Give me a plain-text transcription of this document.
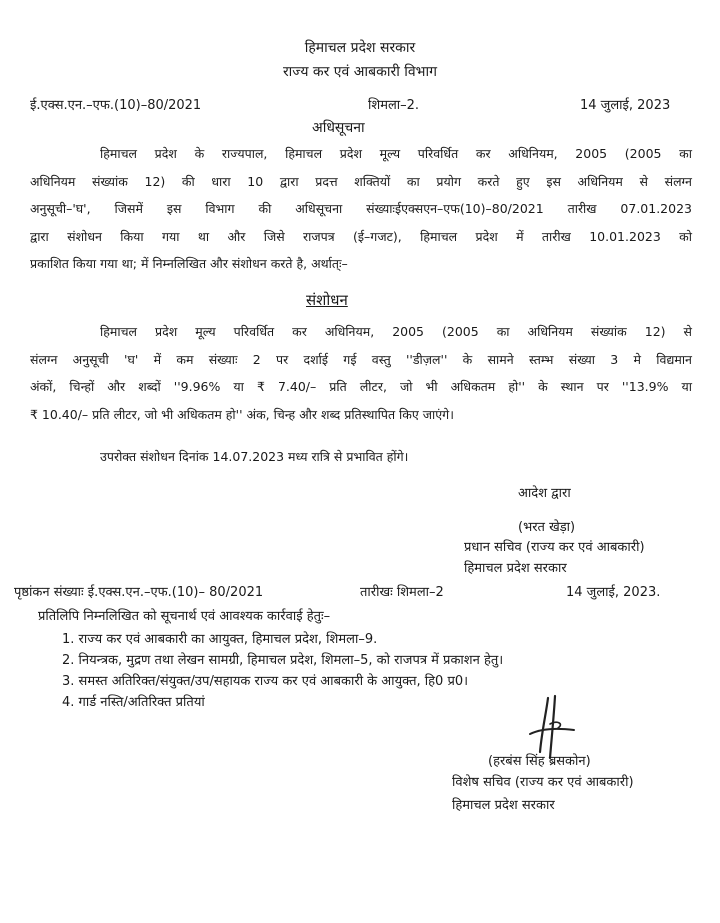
हिमाचल प्रदेश सरकार
राज्य कर एवं आबकारी विभाग
ई.एक्स.एन.–एफ.(10)–80/2021	शिमला–2.	14 जुलाई, 2023
अधिसूचना
हिमाचल प्रदेश के राज्यपाल, हिमाचल प्रदेश मूल्य परिवर्धित कर अधिनियम, 2005 (2005 का
अधिनियम संख्यांक 12) की धारा 10 द्वारा प्रदत्त शक्तियों का प्रयोग करते हुए इस अधिनियम से संलग्न
अनुसूची–'घ', जिसमें इस विभाग की अधिसूचना संख्याःईएक्सएन–एफ(10)–80/2021 तारीख 07.01.2023
द्वारा संशोधन किया गया था और जिसे राजपत्र (ई–गजट), हिमाचल प्रदेश में तारीख 10.01.2023 को
प्रकाशित किया गया था; में निम्नलिखित और संशोधन करते है, अर्थात्ः–
संशोधन
हिमाचल प्रदेश मूल्य परिवर्धित कर अधिनियम, 2005 (2005 का अधिनियम संख्यांक 12) से
संलग्न अनुसूची 'घ' में कम संख्याः 2 पर दर्शाई गई वस्तु ''डीज़ल'' के सामने स्तम्भ संख्या 3 मे विद्यमान
अंकों, चिन्हों और शब्दों ''9.96% या ₹ 7.40/– प्रति लीटर, जो भी अधिकतम हो'' के स्थान पर ''13.9% या
₹ 10.40/– प्रति लीटर, जो भी अधिकतम हो'' अंक, चिन्ह और शब्द प्रतिस्थापित किए जाएंगे।
उपरोक्त संशोधन दिनांक 14.07.2023 मध्य रात्रि से प्रभावित होंगे।
आदेश द्वारा
(भरत खेड़ा)
प्रधान सचिव (राज्य कर एवं आबकारी)
हिमाचल प्रदेश सरकार
पृष्ठांकन संख्याः ई.एक्स.एन.–एफ.(10)– 80/2021	तारीखः शिमला–2	14 जुलाई, 2023.
प्रतिलिपि निम्नलिखित को सूचनार्थ एवं आवश्यक कार्रवाई हेतुः–
1. राज्य कर एवं आबकारी का आयुक्त, हिमाचल प्रदेश, शिमला–9.
2. नियन्त्रक, मुद्रण तथा लेखन सामग्री, हिमाचल प्रदेश, शिमला–5, को राजपत्र में प्रकाशन हेतु।
3. समस्त अतिरिक्त/संयुक्त/उप/सहायक राज्य कर एवं आबकारी के आयुक्त, हि0 प्र0।
4. गार्ड नस्ति/अतिरिक्त प्रतियां
(हरबंस सिंह ब्रसकोन)
विशेष सचिव (राज्य कर एवं आबकारी)
हिमाचल प्रदेश सरकार
